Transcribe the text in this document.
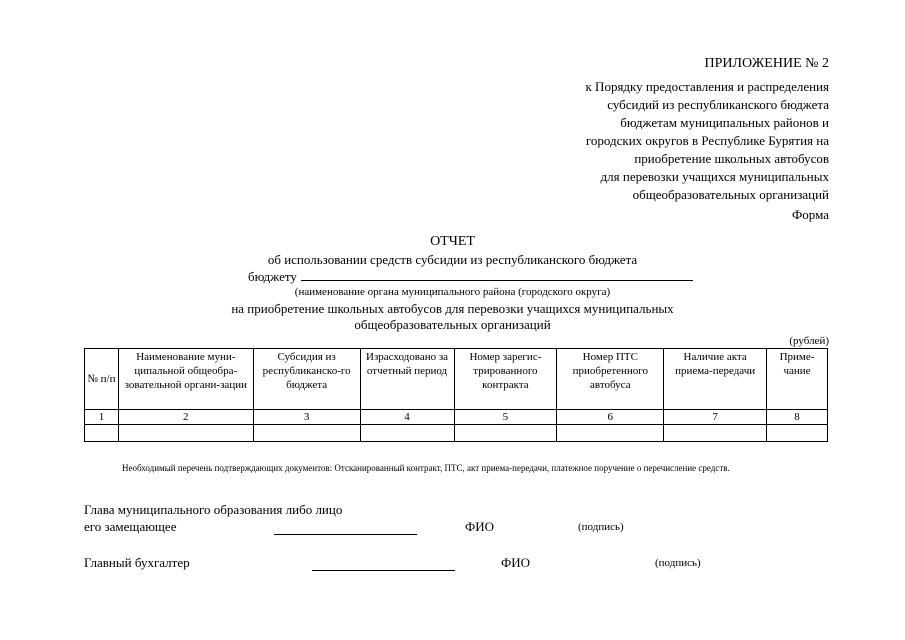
ПРИЛОЖЕНИЕ № 2
к Порядку предоставления и распределения
субсидий из республиканского бюджета
бюджетам муниципальных районов и
городских округов в Республике Бурятия на
приобретение школьных автобусов
для перевозки учащихся муниципальных
общеобразовательных организаций
Форма
ОТЧЕТ
об использовании средств субсидии из республиканского бюджета
бюджету
(наименование органа муниципального района (городского округа)
на приобретение школьных автобусов для перевозки учащихся муниципальных
общеобразовательных организаций
(рублей)
№ п/п	Наименование муни-ципальной общеобра-зовательной органи-зации	Субсидия из республиканско-го бюджета	Израсходовано за отчетный период	Номер зарегис-трированного контракта	Номер ПТС приобретенного автобуса	Наличие акта приема-передачи	Приме-чание
1	2	3	4	5	6	7	8

Необходимый перечень подтверждающих документов: Отсканированный контракт, ПТС, акт приема-передачи, платежное поручение о перечисление средств.
Глава муниципального образования либо лицо
его замещающее	ФИО	(подпись)
Главный бухгалтер	ФИО	(подпись)
